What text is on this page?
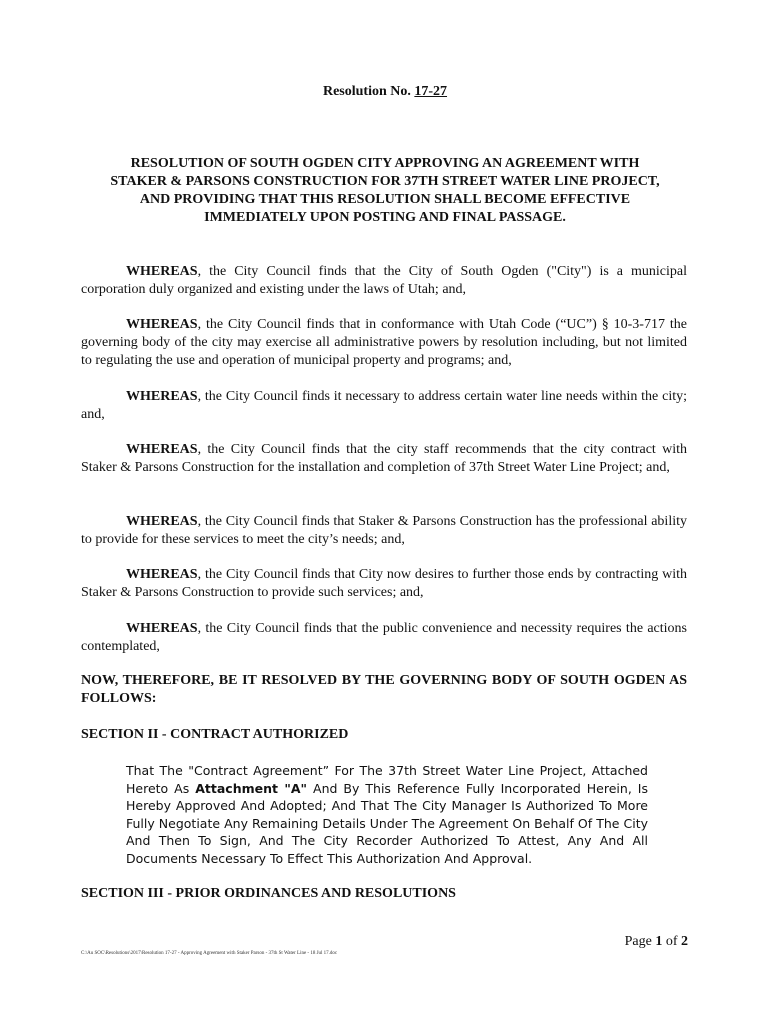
Resolution No. 17-27
RESOLUTION OF SOUTH OGDEN CITY APPROVING AN AGREEMENT WITH STAKER & PARSONS CONSTRUCTION FOR 37TH STREET WATER LINE PROJECT, AND PROVIDING THAT THIS RESOLUTION SHALL BECOME EFFECTIVE IMMEDIATELY UPON POSTING AND FINAL PASSAGE.
WHEREAS, the City Council finds that the City of South Ogden ("City") is a municipal corporation duly organized and existing under the laws of Utah; and,
WHEREAS, the City Council finds that in conformance with Utah Code (“UC”) § 10-3-717 the governing body of the city may exercise all administrative powers by resolution including, but not limited to regulating the use and operation of municipal property and programs; and,
WHEREAS, the City Council finds it necessary to address certain water line needs within the city; and,
WHEREAS, the City Council finds that the city staff recommends that the city contract with Staker & Parsons Construction for the installation and completion of 37th Street Water Line Project; and,
WHEREAS, the City Council finds that Staker & Parsons Construction has the professional ability to provide for these services to meet the city’s needs; and,
WHEREAS, the City Council finds that City now desires to further those ends by contracting with Staker & Parsons Construction to provide such services; and,
WHEREAS, the City Council finds that the public convenience and necessity requires the actions contemplated,
NOW, THEREFORE, BE IT RESOLVED BY THE GOVERNING BODY OF SOUTH OGDEN AS FOLLOWS:
SECTION II - CONTRACT AUTHORIZED
That The "Contract Agreement” For The 37th Street Water Line Project, Attached Hereto As Attachment "A" And By This Reference Fully Incorporated Herein, Is Hereby Approved And Adopted; And That The City Manager Is Authorized To More Fully Negotiate Any Remaining Details Under The Agreement On Behalf Of The City And Then To Sign, And The City Recorder Authorized To Attest, Any And All Documents Necessary To Effect This Authorization And Approval.
SECTION III - PRIOR ORDINANCES AND RESOLUTIONS
Page 1 of 2
C:\Au SOC\Resolutions\2017\Resolution 17-27 - Approving Agreement with Staker Parson - 37th St Water Line - 18 Jul 17.doc
